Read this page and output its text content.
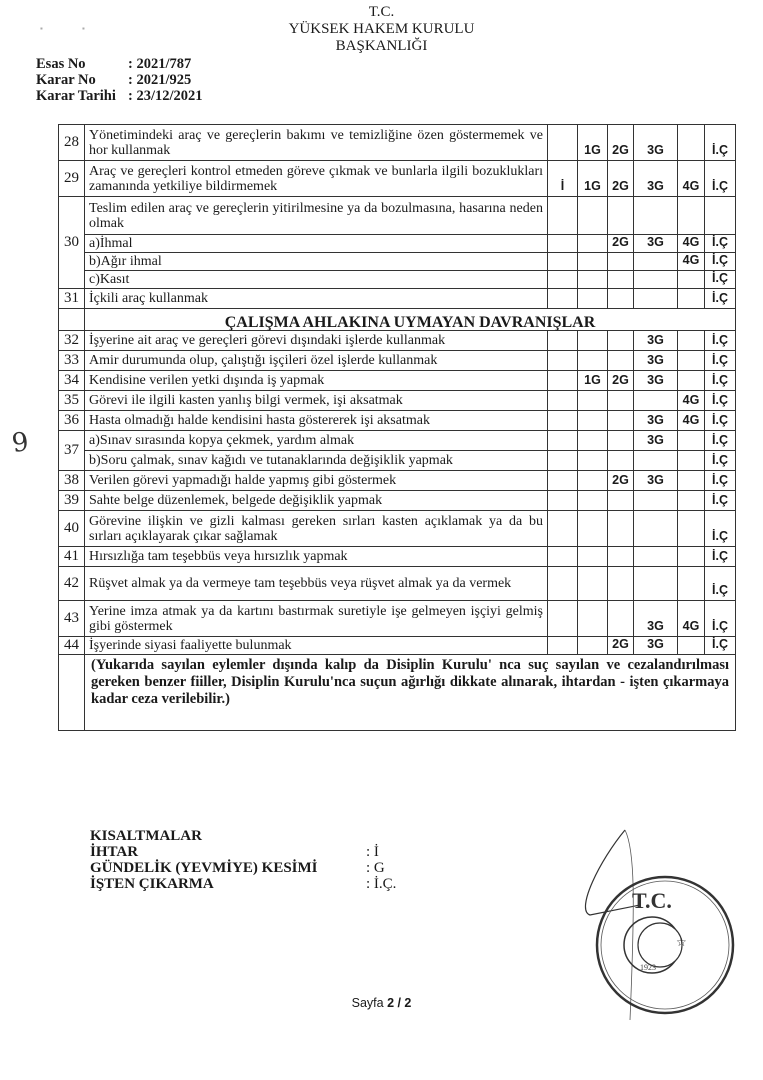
▪	▪
T.C.
YÜKSEK HAKEM KURULU
BAŞKANLIĞI
Esas No	: 2021/787
Karar No	: 2021/925
Karar Tarihi : 23/12/2021
28	Yönetimindeki araç ve gereçlerin bakımı ve temizliğine özen göstermemek ve hor kullanmak		1G	2G	3G		İ.Ç
29	Araç ve gereçleri kontrol etmeden göreve çıkmak ve bunlarla ilgili bozuklukları zamanında yetkiliye bildirmemek	İ	1G	2G	3G	4G	İ.Ç
30	Teslim edilen araç ve gereçlerin yitirilmesine ya da bozulmasına, hasarına neden olmak						
	a)İhmal			2G	3G	4G	İ.Ç
	b)Ağır ihmal					4G	İ.Ç
	c)Kasıt						İ.Ç
31	İçkili araç kullanmak						İ.Ç
	ÇALIŞMA AHLAKINA UYMAYAN DAVRANIŞLAR						
32	İşyerine ait araç ve gereçleri görevi dışındaki işlerde kullanmak				3G		İ.Ç
33	Amir durumunda olup, çalıştığı işçileri özel işlerde kullanmak				3G		İ.Ç
34	Kendisine verilen yetki dışında iş yapmak		1G	2G	3G		İ.Ç
35	Görevi ile ilgili kasten yanlış bilgi vermek, işi aksatmak					4G	İ.Ç
36	Hasta olmadığı halde kendisini hasta göstererek işi aksatmak				3G	4G	İ.Ç
37	a)Sınav sırasında kopya çekmek, yardım almak				3G		İ.Ç
	b)Soru çalmak, sınav kağıdı ve tutanaklarında değişiklik yapmak						İ.Ç
38	Verilen görevi yapmadığı halde yapmış gibi göstermek			2G	3G		İ.Ç
39	Sahte belge düzenlemek, belgede değişiklik yapmak						İ.Ç
40	Görevine ilişkin ve gizli kalması gereken sırları kasten açıklamak ya da bu sırları açıklayarak çıkar sağlamak						İ.Ç
41	Hırsızlığa tam teşebbüs veya hırsızlık yapmak						İ.Ç
42	Rüşvet almak ya da vermeye tam teşebbüs veya rüşvet almak ya da vermek						İ.Ç
43	Yerine imza atmak ya da kartını bastırmak suretiyle işe gelmeyen işçiyi gelmiş gibi göstermek				3G	4G	İ.Ç
44	İşyerinde siyasi faaliyette bulunmak			2G	3G		İ.Ç
	(Yukarıda sayılan eylemler dışında kalıp da Disiplin Kurulu' nca suç sayılan ve cezalandırılması gereken benzer fiiller, Disiplin Kurulu'nca suçun ağırlığı dikkate alınarak, ihtardan - işten çıkarmaya kadar ceza verilebilir.)						
9
KISALTMALAR
İHTAR	: İ
GÜNDELİK (YEVMİYE) KESİMİ	: G
İŞTEN ÇIKARMA	: İ.Ç.
☆
T.C.
1923
Sayfa 2 / 2
